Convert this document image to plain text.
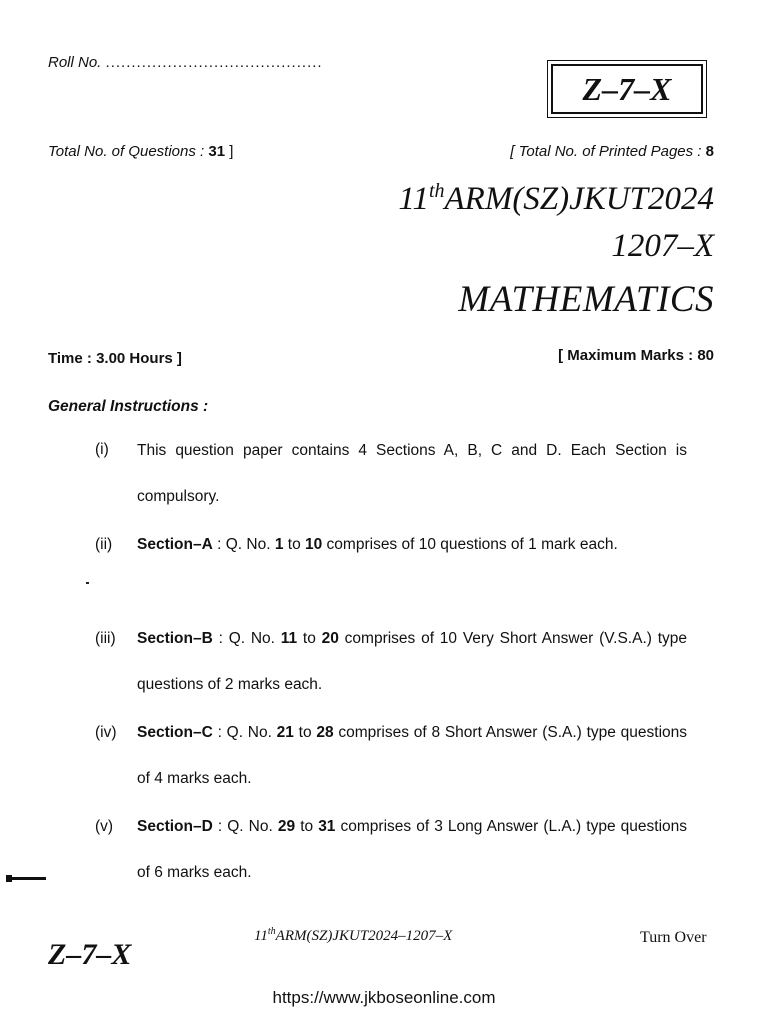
Roll No. ..........................................
Z–7–X
Total No. of Questions : 31 ]	[ Total No. of Printed Pages : 8
11thARM(SZ)JKUT2024
1207–X
MATHEMATICS
Time : 3.00 Hours ]	[ Maximum Marks : 80
General Instructions :
(i) This question paper contains 4 Sections A, B, C and D. Each Section is compulsory.
(ii) Section–A : Q. No. 1 to 10 comprises of 10 questions of 1 mark each.
(iii) Section–B : Q. No. 11 to 20 comprises of 10 Very Short Answer (V.S.A.) type questions of 2 marks each.
(iv) Section–C : Q. No. 21 to 28 comprises of 8 Short Answer (S.A.) type questions of 4 marks each.
(v) Section–D : Q. No. 29 to 31 comprises of 3 Long Answer (L.A.) type questions of 6 marks each.
11thARM(SZ)JKUT2024–1207–X	Turn Over
Z–7–X
https://www.jkboseonline.com
